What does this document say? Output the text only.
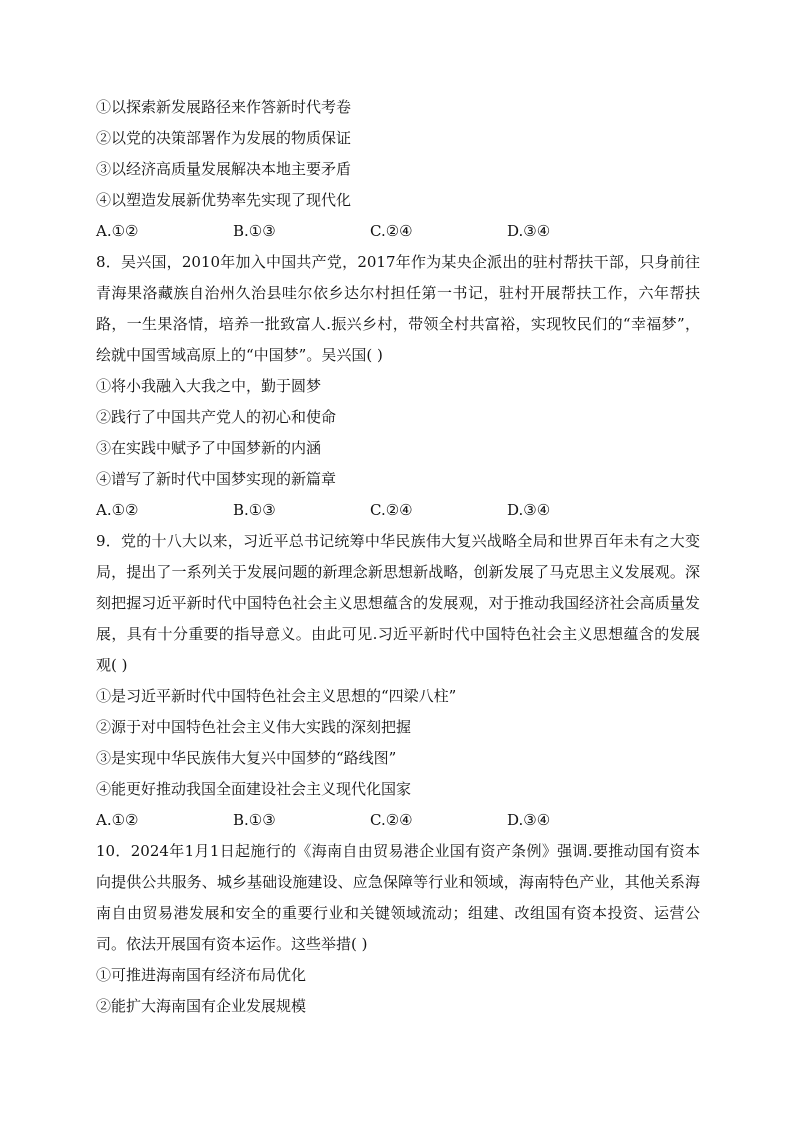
①以探索新发展路径来作答新时代考卷
②以党的决策部署作为发展的物质保证
③以经济高质量发展解决本地主要矛盾
④以塑造发展新优势率先实现了现代化
A.①②	B.①③	C.②④	D.③④
8．吴兴国，2010年加入中国共产党，2017年作为某央企派出的驻村帮扶干部，只身前往青海果洛藏族自治州久治县哇尔依乡达尔村担任第一书记，驻村开展帮扶工作，六年帮扶路，一生果洛情，培养一批致富人.振兴乡村，带领全村共富裕，实现牧民们的“幸福梦”，绘就中国雪域高原上的“中国梦”。吴兴国( )
①将小我融入大我之中，勤于圆梦
②践行了中国共产党人的初心和使命
③在实践中赋予了中国梦新的内涵
④谱写了新时代中国梦实现的新篇章
A.①②	B.①③	C.②④	D.③④
9．党的十八大以来，习近平总书记统筹中华民族伟大复兴战略全局和世界百年未有之大变局，提出了一系列关于发展问题的新理念新思想新战略，创新发展了马克思主义发展观。深刻把握习近平新时代中国特色社会主义思想蕴含的发展观，对于推动我国经济社会高质量发展，具有十分重要的指导意义。由此可见.习近平新时代中国特色社会主义思想蕴含的发展观( )
①是习近平新时代中国特色社会主义思想的“四梁八柱”
②源于对中国特色社会主义伟大实践的深刻把握
③是实现中华民族伟大复兴中国梦的“路线图”
④能更好推动我国全面建设社会主义现代化国家
A.①②	B.①③	C.②④	D.③④
10．2024年1月1日起施行的《海南自由贸易港企业国有资产条例》强调.要推动国有资本向提供公共服务、城乡基础设施建设、应急保障等行业和领域，海南特色产业，其他关系海南自由贸易港发展和安全的重要行业和关键领域流动；组建、改组国有资本投资、运营公司。依法开展国有资本运作。这些举措( )
①可推进海南国有经济布局优化
②能扩大海南国有企业发展规模
